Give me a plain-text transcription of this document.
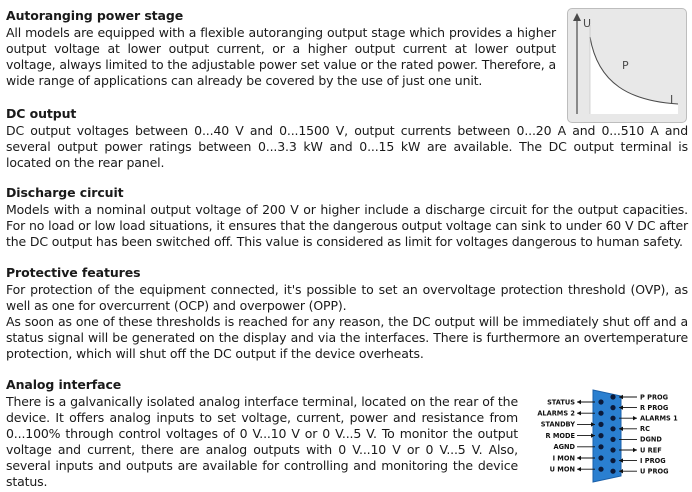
Autoranging power stage

All models are equipped with a flexible autoranging output stage which provides a higher output voltage at lower output current, or a higher output current at lower output voltage, always limited to the adjustable power set value or the rated power. Therefore, a wide range of applications can already be covered by the use of just one unit.

U
P
I
DC output

DC output voltages between 0...40 V and 0...1500 V, output currents between 0...20 A and 0...510 A and several output power ratings between 0...3.3 kW and 0...15 kW are available. The DC output terminal is located on the rear panel.

Discharge circuit

Models with a nominal output voltage of 200 V or higher include a discharge circuit for the output capacities. For no load or low load situations, it ensures that the dangerous output voltage can sink to under 60 V DC after the DC output has been switched off. This value is considered as limit for voltages dangerous to human safety.

Protective features

For protection of the equipment connected, it's possible to set an overvoltage protection threshold (OVP), as well as one for overcurrent (OCP) and overpower (OPP).

As soon as one of these thresholds is reached for any reason, the DC output will be immediately shut off and a status signal will be generated on the display and via the interfaces. There is furthermore an overtemperature protection, which will shut off the DC output if the device overheats.

Analog interface

There is a galvanically isolated analog interface terminal, located on the rear of the device. It offers analog inputs to set voltage, current, power and resistance from 0...100% through control voltages of 0 V...10 V or 0 V...5 V. To monitor the output voltage and current, there are analog outputs with 0 V...10 V or 0 V...5 V. Also, several inputs and outputs are available for controlling and monitoring the device status.

STATUS
ALARMS 2
STANDBY
R MODE
AGND
I MON
U MON
P PROG
R PROG
ALARMS 1
RC
DGND
U REF
I PROG
U PROG
